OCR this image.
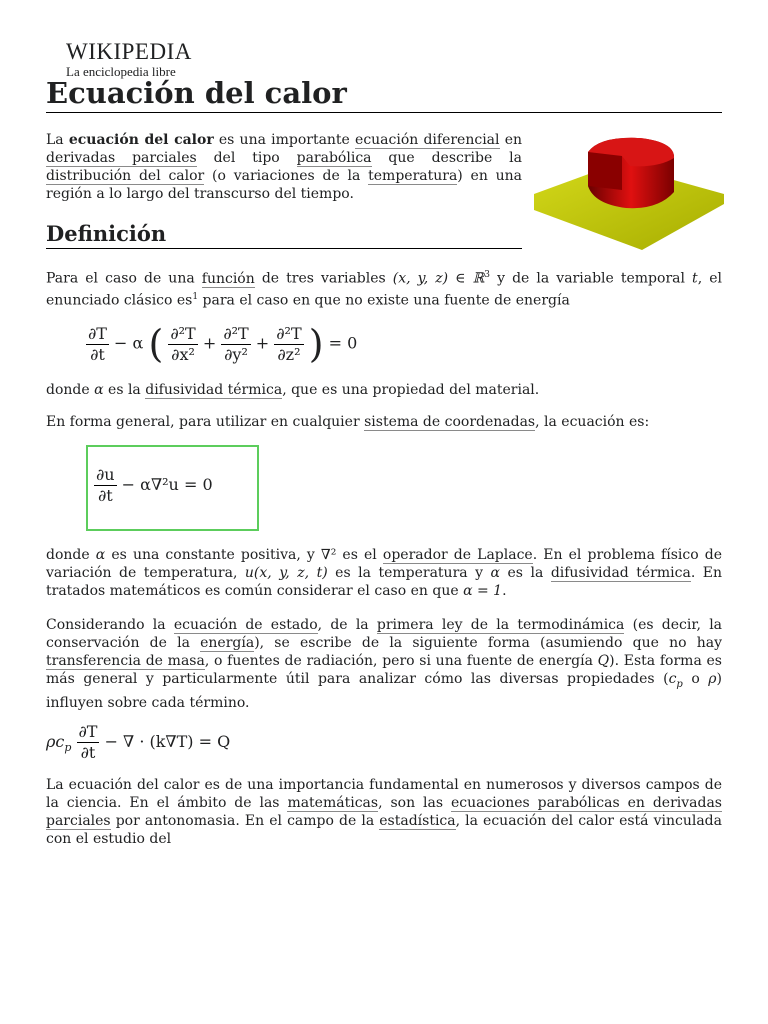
WIKIPEDIA
La enciclopedia libre
Ecuación del calor
La ecuación del calor es una importante ecuación diferencial en derivadas parciales del tipo parabólica que describe la distribución del calor (o variaciones de la temperatura) en una región a lo largo del transcurso del tiempo.
Definición
Para el caso de una función de tres variables (x, y, z) ∈ ℝ$^3$ y de la variable temporal t, el enunciado clásico $es^1$ para el caso en que no existe una fuente de energía
$\frac{\partial T}{\partial t} - \alpha$ ( $\frac{\text{∂²T}}{\text{∂x²}} + \frac{\text{∂²T}}{\text{∂y²}} + \frac{\text{∂²T}}{\text{∂z²}}$ ) = 0
donde α es la difusividad térmica, que es una propiedad del material.
En forma general, para utilizar en cualquier sistema de coordenadas, la ecuación es:
$\frac{\partial u}{\partial t} - \alpha\nabla^2u = 0$
donde α es una constante positiva, y ∇² es el operador de Laplace. En el problema físico de variación de temperatura, u(x, y, z, t) es la temperatura y α es la difusividad térmica. En tratados matemáticos es común considerar el caso en que α = 1.
Considerando la ecuación de estado, de la primera ley de la termodinámica (es decir, la conservación de la energía), se escribe de la siguiente forma (asumiendo que no hay transferencia de masa, o fuentes de radiación, pero si una fuente de energía Q). Esta forma es más general y particularmente útil para analizar cómo las diversas propiedades ($c_p$ o ρ) influyen sobre cada término.
$\rho c_p \frac{\partial T}{\partial t}$ − ∇ · (k∇T) = Q
La ecuación del calor es de una importancia fundamental en numerosos y diversos campos de la ciencia. En el ámbito de las matemáticas, son las ecuaciones parabólicas en derivadas parciales por antonomasia. En el campo de la estadística, la ecuación del calor está vinculada con el estudio del
